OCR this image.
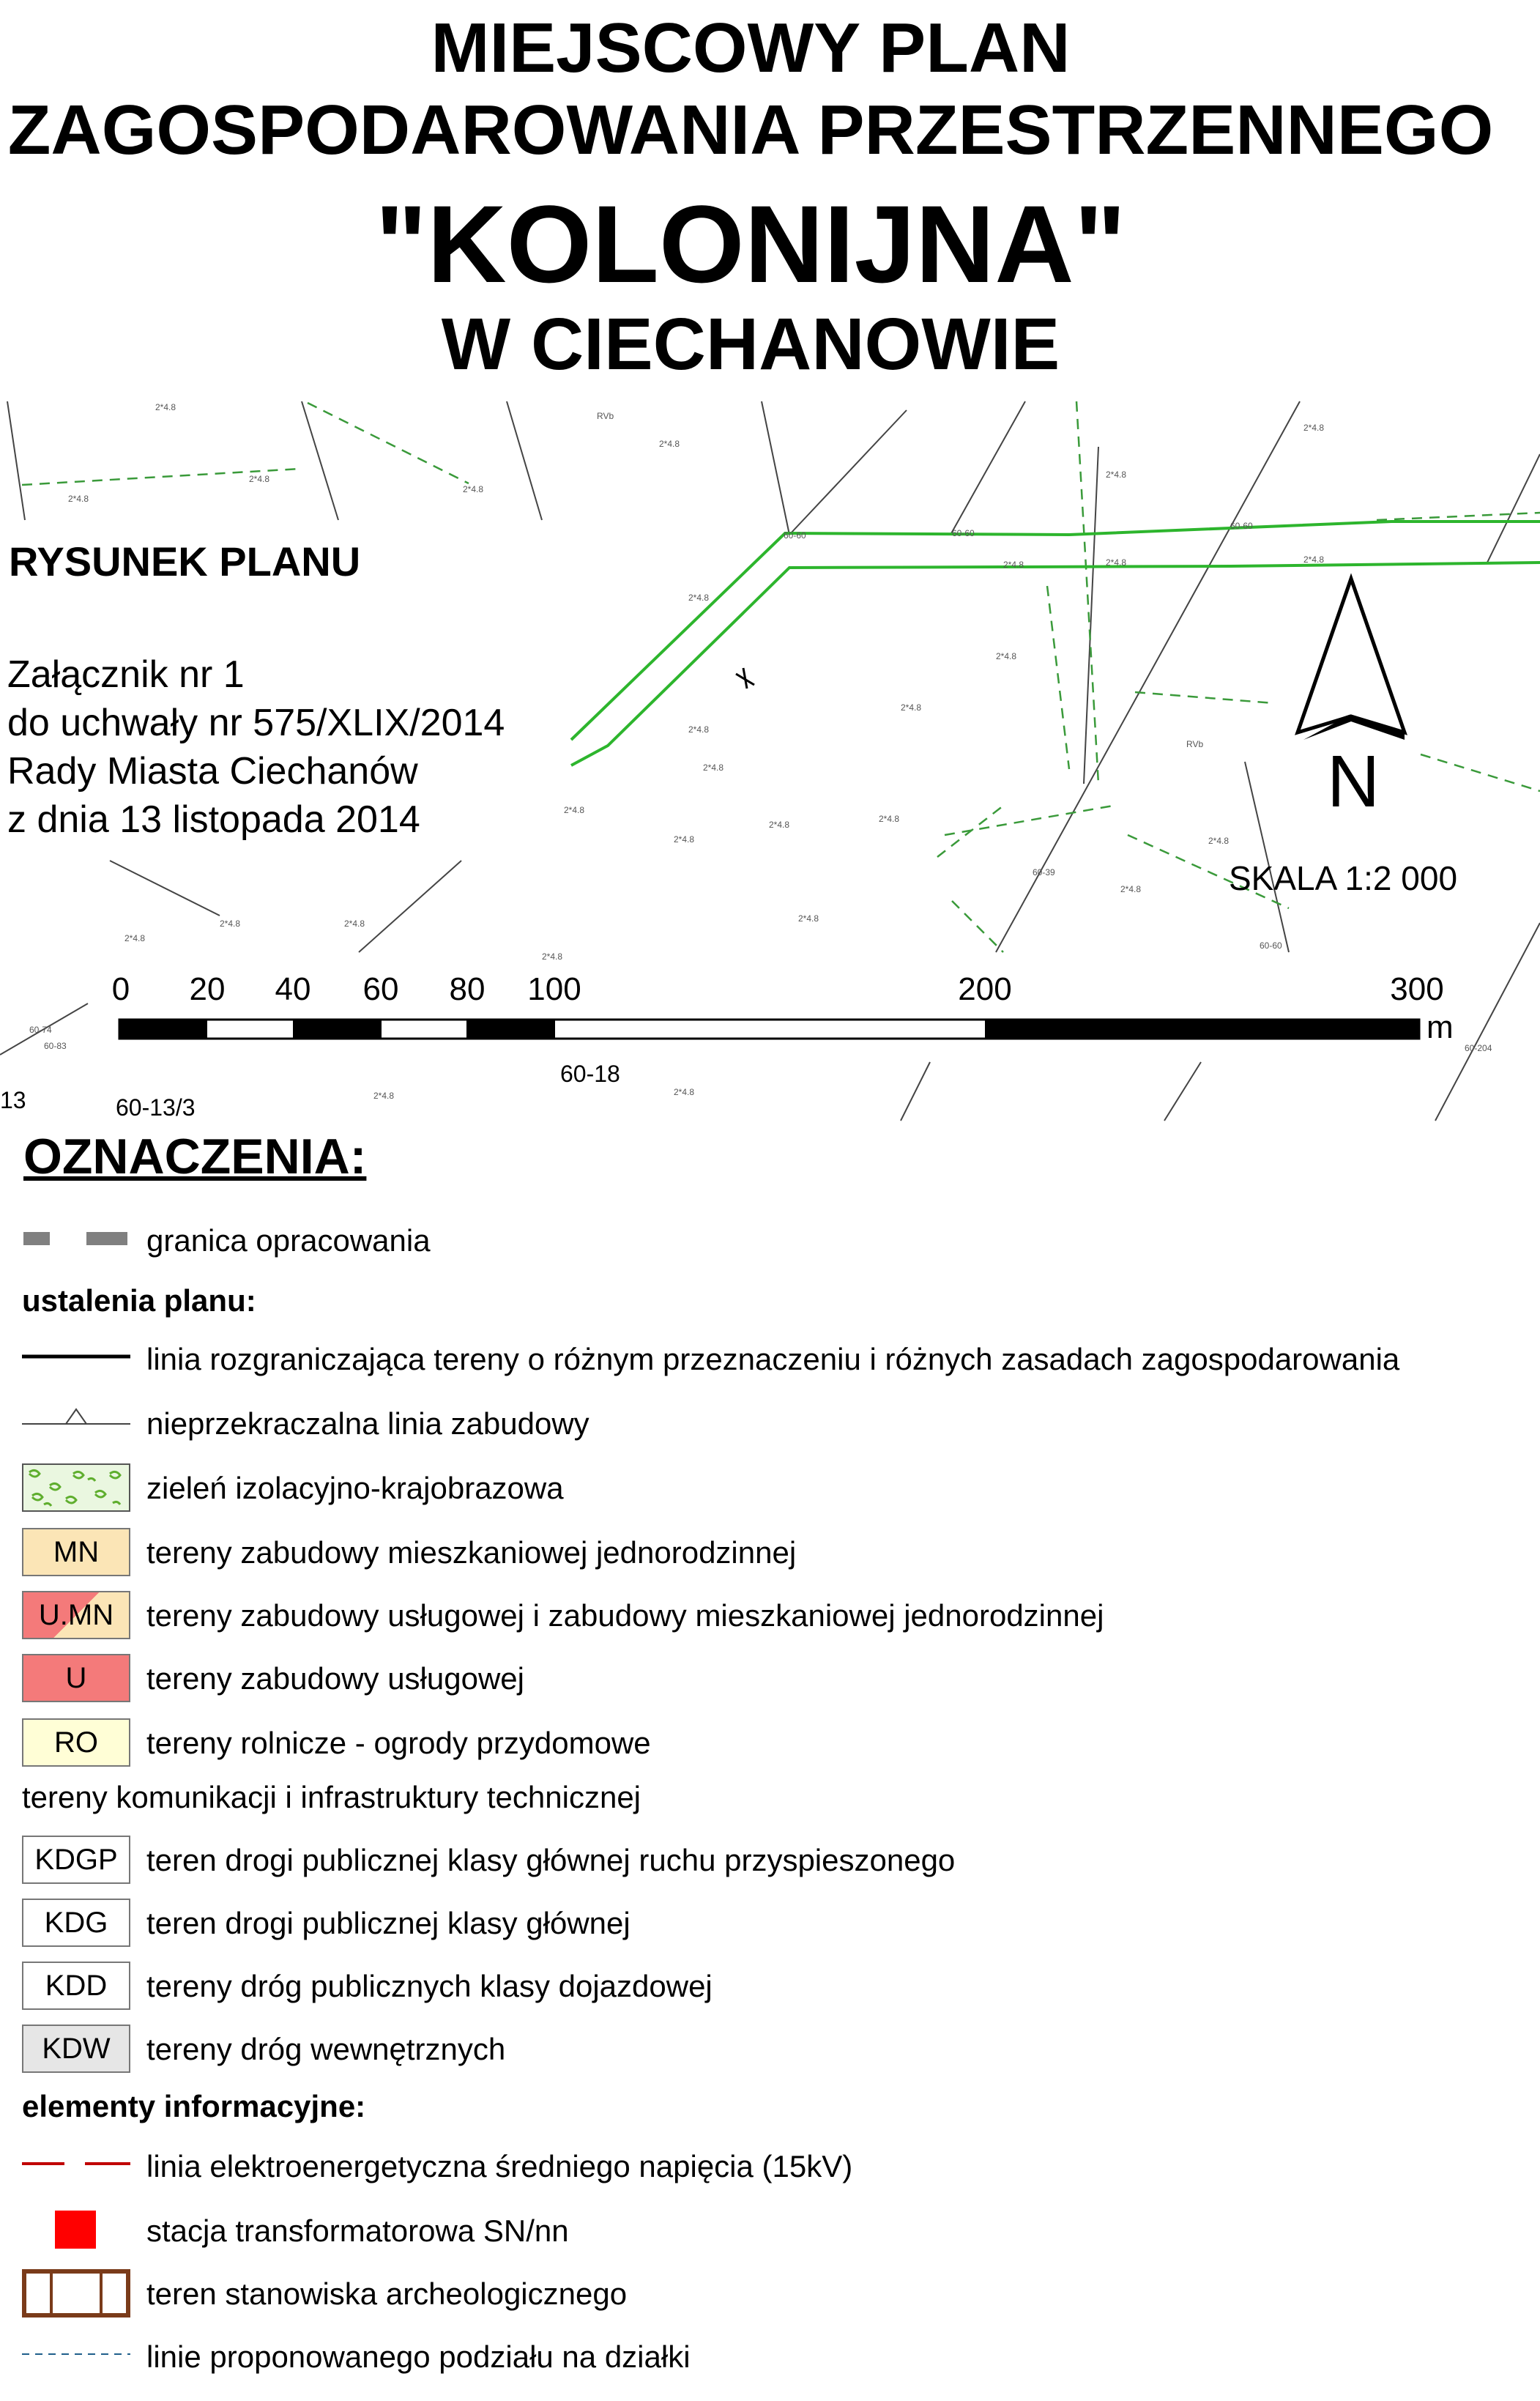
MIEJSCOWY PLAN
ZAGOSPODAROWANIA PRZESTRZENNEGO
"KOLONIJNA"
W CIECHANOWIE
2*4.8
RVb
2*4.8
2*4.8
2*4.8
2*4.8
2*4.8
2*4.8
60-60	60-60
60-60
2*4.8
2*4.8	2*4.8	2*4.8
2*4.8
2*4.8
RVb
2*4.8
2*4.8
2*4.8
2*4.8
2*4.8
2*4.8
2*4.8
60-39
2*4.8
2*4.8
2*4.8
2*4.8
2*4.8
2*4.8
60-60
60-74
60-83
2*4.8
2*4.8
60-204
60-18
60-13/3
13
RYSUNEK PLANU
Załącznik nr 1
do uchwały nr 575/XLIX/2014
Rady Miasta Ciechanów
z dnia 13 listopada 2014	N
SKALA 1:2 000
0 20 40 60 80 100	200	300
m
OZNACZENIA:
granica opracowania
ustalenia planu:
linia rozgraniczająca tereny o różnym przeznaczeniu i różnych zasadach zagospodarowania
nieprzekraczalna linia zabudowy
zieleń izolacyjno-krajobrazowa
MN	tereny zabudowy mieszkaniowej jednorodzinnej
U.MN	tereny zabudowy usługowej i zabudowy mieszkaniowej jednorodzinnej
U	tereny zabudowy usługowej
RO	tereny rolnicze - ogrody przydomowe
tereny komunikacji i infrastruktury technicznej
KDGP teren drogi publicznej klasy głównej ruchu przyspieszonego
KDG	teren drogi publicznej klasy głównej
KDD	tereny dróg publicznych klasy dojazdowej
KDW	tereny dróg wewnętrznych
elementy informacyjne:
linia elektroenergetyczna średniego napięcia (15kV)
stacja transformatorowa SN/nn
teren stanowiska archeologicznego
linie proponowanego podziału na działki
